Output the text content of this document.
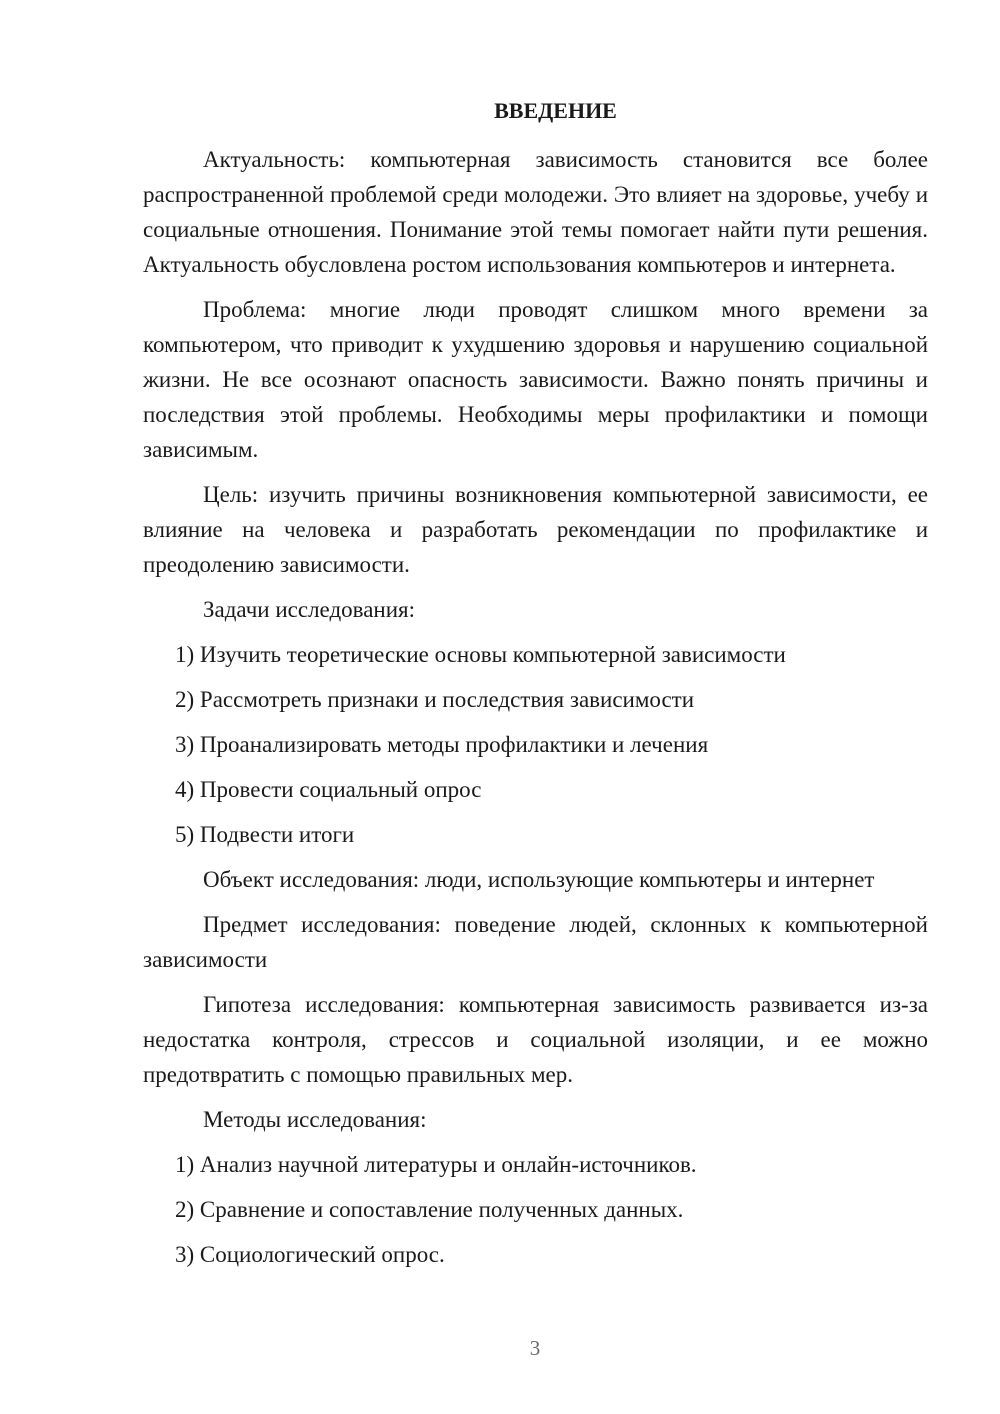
ВВЕДЕНИЕ

Актуальность: компьютерная зависимость становится все более распространенной проблемой среди молодежи. Это влияет на здоровье, учебу и социальные отношения. Понимание этой темы помогает найти пути решения. Актуальность обусловлена ростом использования компьютеров и интернета.

Проблема: многие люди проводят слишком много времени за компьютером, что приводит к ухудшению здоровья и нарушению социальной жизни. Не все осознают опасность зависимости. Важно понять причины и последствия этой проблемы. Необходимы меры профилактики и помощи зависимым.

Цель: изучить причины возникновения компьютерной зависимости, ее влияние на человека и разработать рекомендации по профилактике и преодолению зависимости.

Задачи исследования:

1) Изучить теоретические основы компьютерной зависимости
2) Рассмотреть признаки и последствия зависимости
3) Проанализировать методы профилактики и лечения
4) Провести социальный опрос
5) Подвести итоги

Объект исследования: люди, использующие компьютеры и интернет

Предмет исследования: поведение людей, склонных к компьютерной зависимости

Гипотеза исследования: компьютерная зависимость развивается из-за недостатка контроля, стрессов и социальной изоляции, и ее можно предотвратить с помощью правильных мер.

Методы исследования:

1) Анализ научной литературы и онлайн-источников.
2) Сравнение и сопоставление полученных данных.
3) Социологический опрос.
3
